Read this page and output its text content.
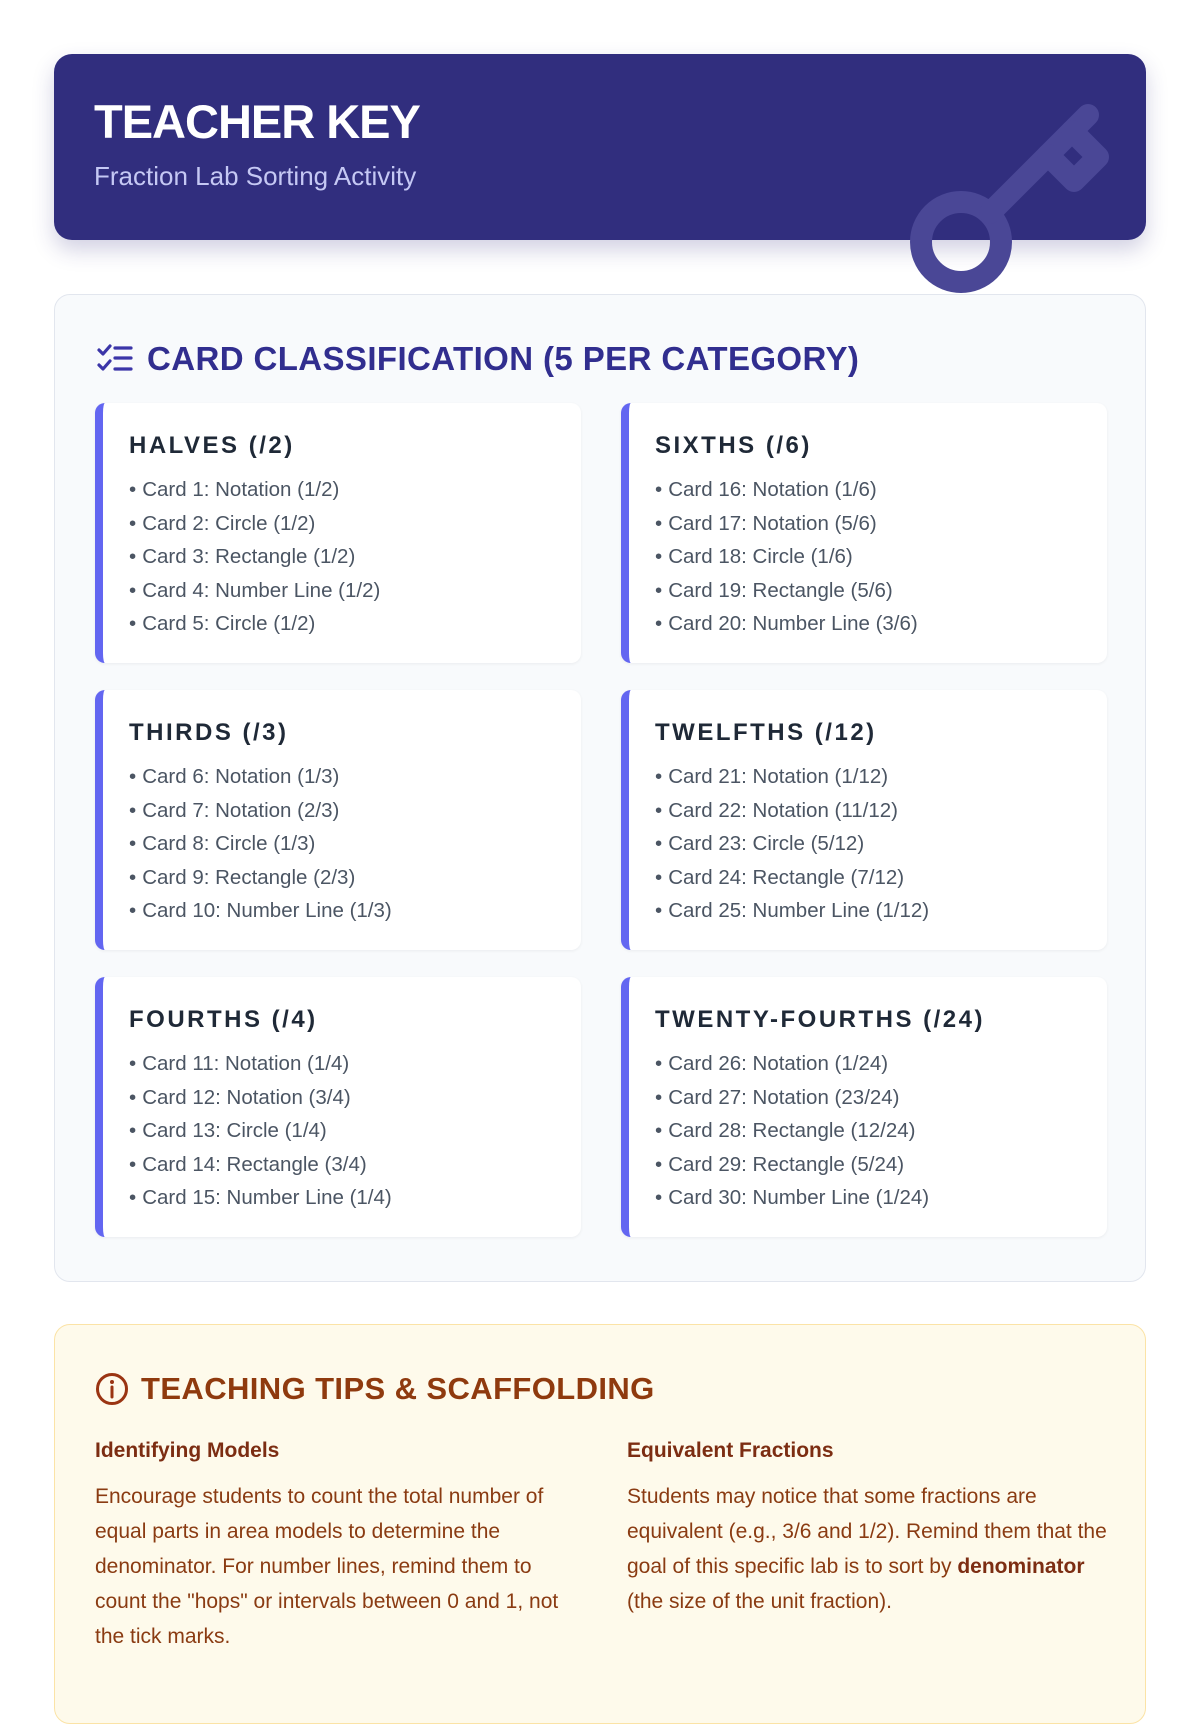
TEACHER KEY
Fraction Lab Sorting Activity
CARD CLASSIFICATION (5 PER CATEGORY)
HALVES (/2)
• Card 1: Notation (1/2)
• Card 2: Circle (1/2)
• Card 3: Rectangle (1/2)
• Card 4: Number Line (1/2)
• Card 5: Circle (1/2)
SIXTHS (/6)
• Card 16: Notation (1/6)
• Card 17: Notation (5/6)
• Card 18: Circle (1/6)
• Card 19: Rectangle (5/6)
• Card 20: Number Line (3/6)
THIRDS (/3)
• Card 6: Notation (1/3)
• Card 7: Notation (2/3)
• Card 8: Circle (1/3)
• Card 9: Rectangle (2/3)
• Card 10: Number Line (1/3)
TWELFTHS (/12)
• Card 21: Notation (1/12)
• Card 22: Notation (11/12)
• Card 23: Circle (5/12)
• Card 24: Rectangle (7/12)
• Card 25: Number Line (1/12)
FOURTHS (/4)
• Card 11: Notation (1/4)
• Card 12: Notation (3/4)
• Card 13: Circle (1/4)
• Card 14: Rectangle (3/4)
• Card 15: Number Line (1/4)
TWENTY-FOURTHS (/24)
• Card 26: Notation (1/24)
• Card 27: Notation (23/24)
• Card 28: Rectangle (12/24)
• Card 29: Rectangle (5/24)
• Card 30: Number Line (1/24)
TEACHING TIPS & SCAFFOLDING
Identifying Models

Encourage students to count the total number of equal parts in area models to determine the denominator. For number lines, remind them to count the "hops" or intervals between 0 and 1, not the tick marks.

Equivalent Fractions

Students may notice that some fractions are equivalent (e.g., 3/6 and 1/2). Remind them that the goal of this specific lab is to sort by denominator (the size of the unit fraction).
